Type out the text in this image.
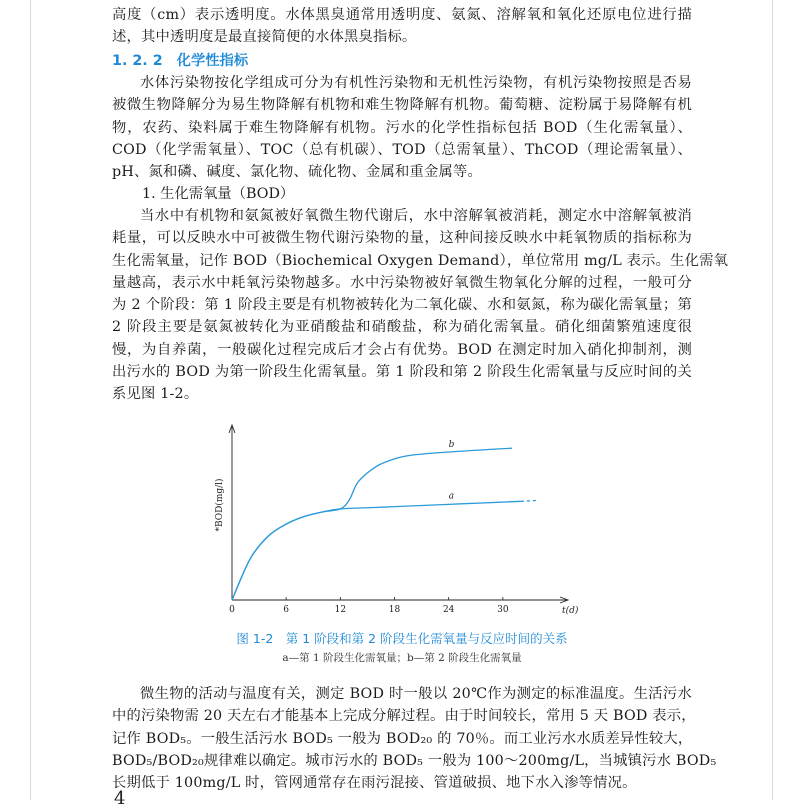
高度（cm）表示透明度。水体黑臭通常用透明度、氨氮、溶解氧和氧化还原电位进行描
述，其中透明度是最直接简便的水体黑臭指标。

1. 2. 2 化学性指标

水体污染物按化学组成可分为有机性污染物和无机性污染物，有机污染物按照是否易
被微生物降解分为易生物降解有机物和难生物降解有机物。葡萄糖、淀粉属于易降解有机
物，农药、染料属于难生物降解有机物。污水的化学性指标包括 BOD（生化需氧量）、
COD（化学需氧量）、TOC（总有机碳）、TOD（总需氧量）、ThCOD（理论需氧量）、
pH、氮和磷、碱度、氯化物、硫化物、金属和重金属等。

1. 生化需氧量（BOD）

当水中有机物和氨氮被好氧微生物代谢后，水中溶解氧被消耗，测定水中溶解氧被消
耗量，可以反映水中可被微生物代谢污染物的量，这种间接反映水中耗氧物质的指标称为
生化需氧量，记作 BOD（Biochemical Oxygen Demand），单位常用 mg/L 表示。生化需氧
量越高，表示水中耗氧污染物越多。水中污染物被好氧微生物氧化分解的过程，一般可分
为 2 个阶段：第 1 阶段主要是有机物被转化为二氧化碳、水和氨氮，称为碳化需氧量；第
2 阶段主要是氨氮被转化为亚硝酸盐和硝酸盐，称为硝化需氧量。硝化细菌繁殖速度很
慢，为自养菌，一般碳化过程完成后才会占有优势。BOD 在测定时加入硝化抑制剂，测
出污水的 BOD 为第一阶段生化需氧量。第 1 阶段和第 2 阶段生化需氧量与反应时间的关
系见图 1-2。

0	6	12	18	24	30
a
b
*BOD(mg/l)
t(d)
图 1-2　第 1 阶段和第 2 阶段生化需氧量与反应时间的关系
a—第 1 阶段生化需氧量；b—第 2 阶段生化需氧量

微生物的活动与温度有关，测定 BOD 时一般以 20℃作为测定的标准温度。生活污水
中的污染物需 20 天左右才能基本上完成分解过程。由于时间较长，常用 5 天 BOD 表示，
记作 BOD₅。一般生活污水 BOD₅ 一般为 BOD₂₀ 的 70％。而工业污水水质差异性较大，
BOD₅/BOD₂₀规律难以确定。城市污水的 BOD₅ 一般为 100～200mg/L，当城镇污水 BOD₅
长期低于 100mg/L 时，管网通常存在雨污混接、管道破损、地下水入渗等情况。

4
